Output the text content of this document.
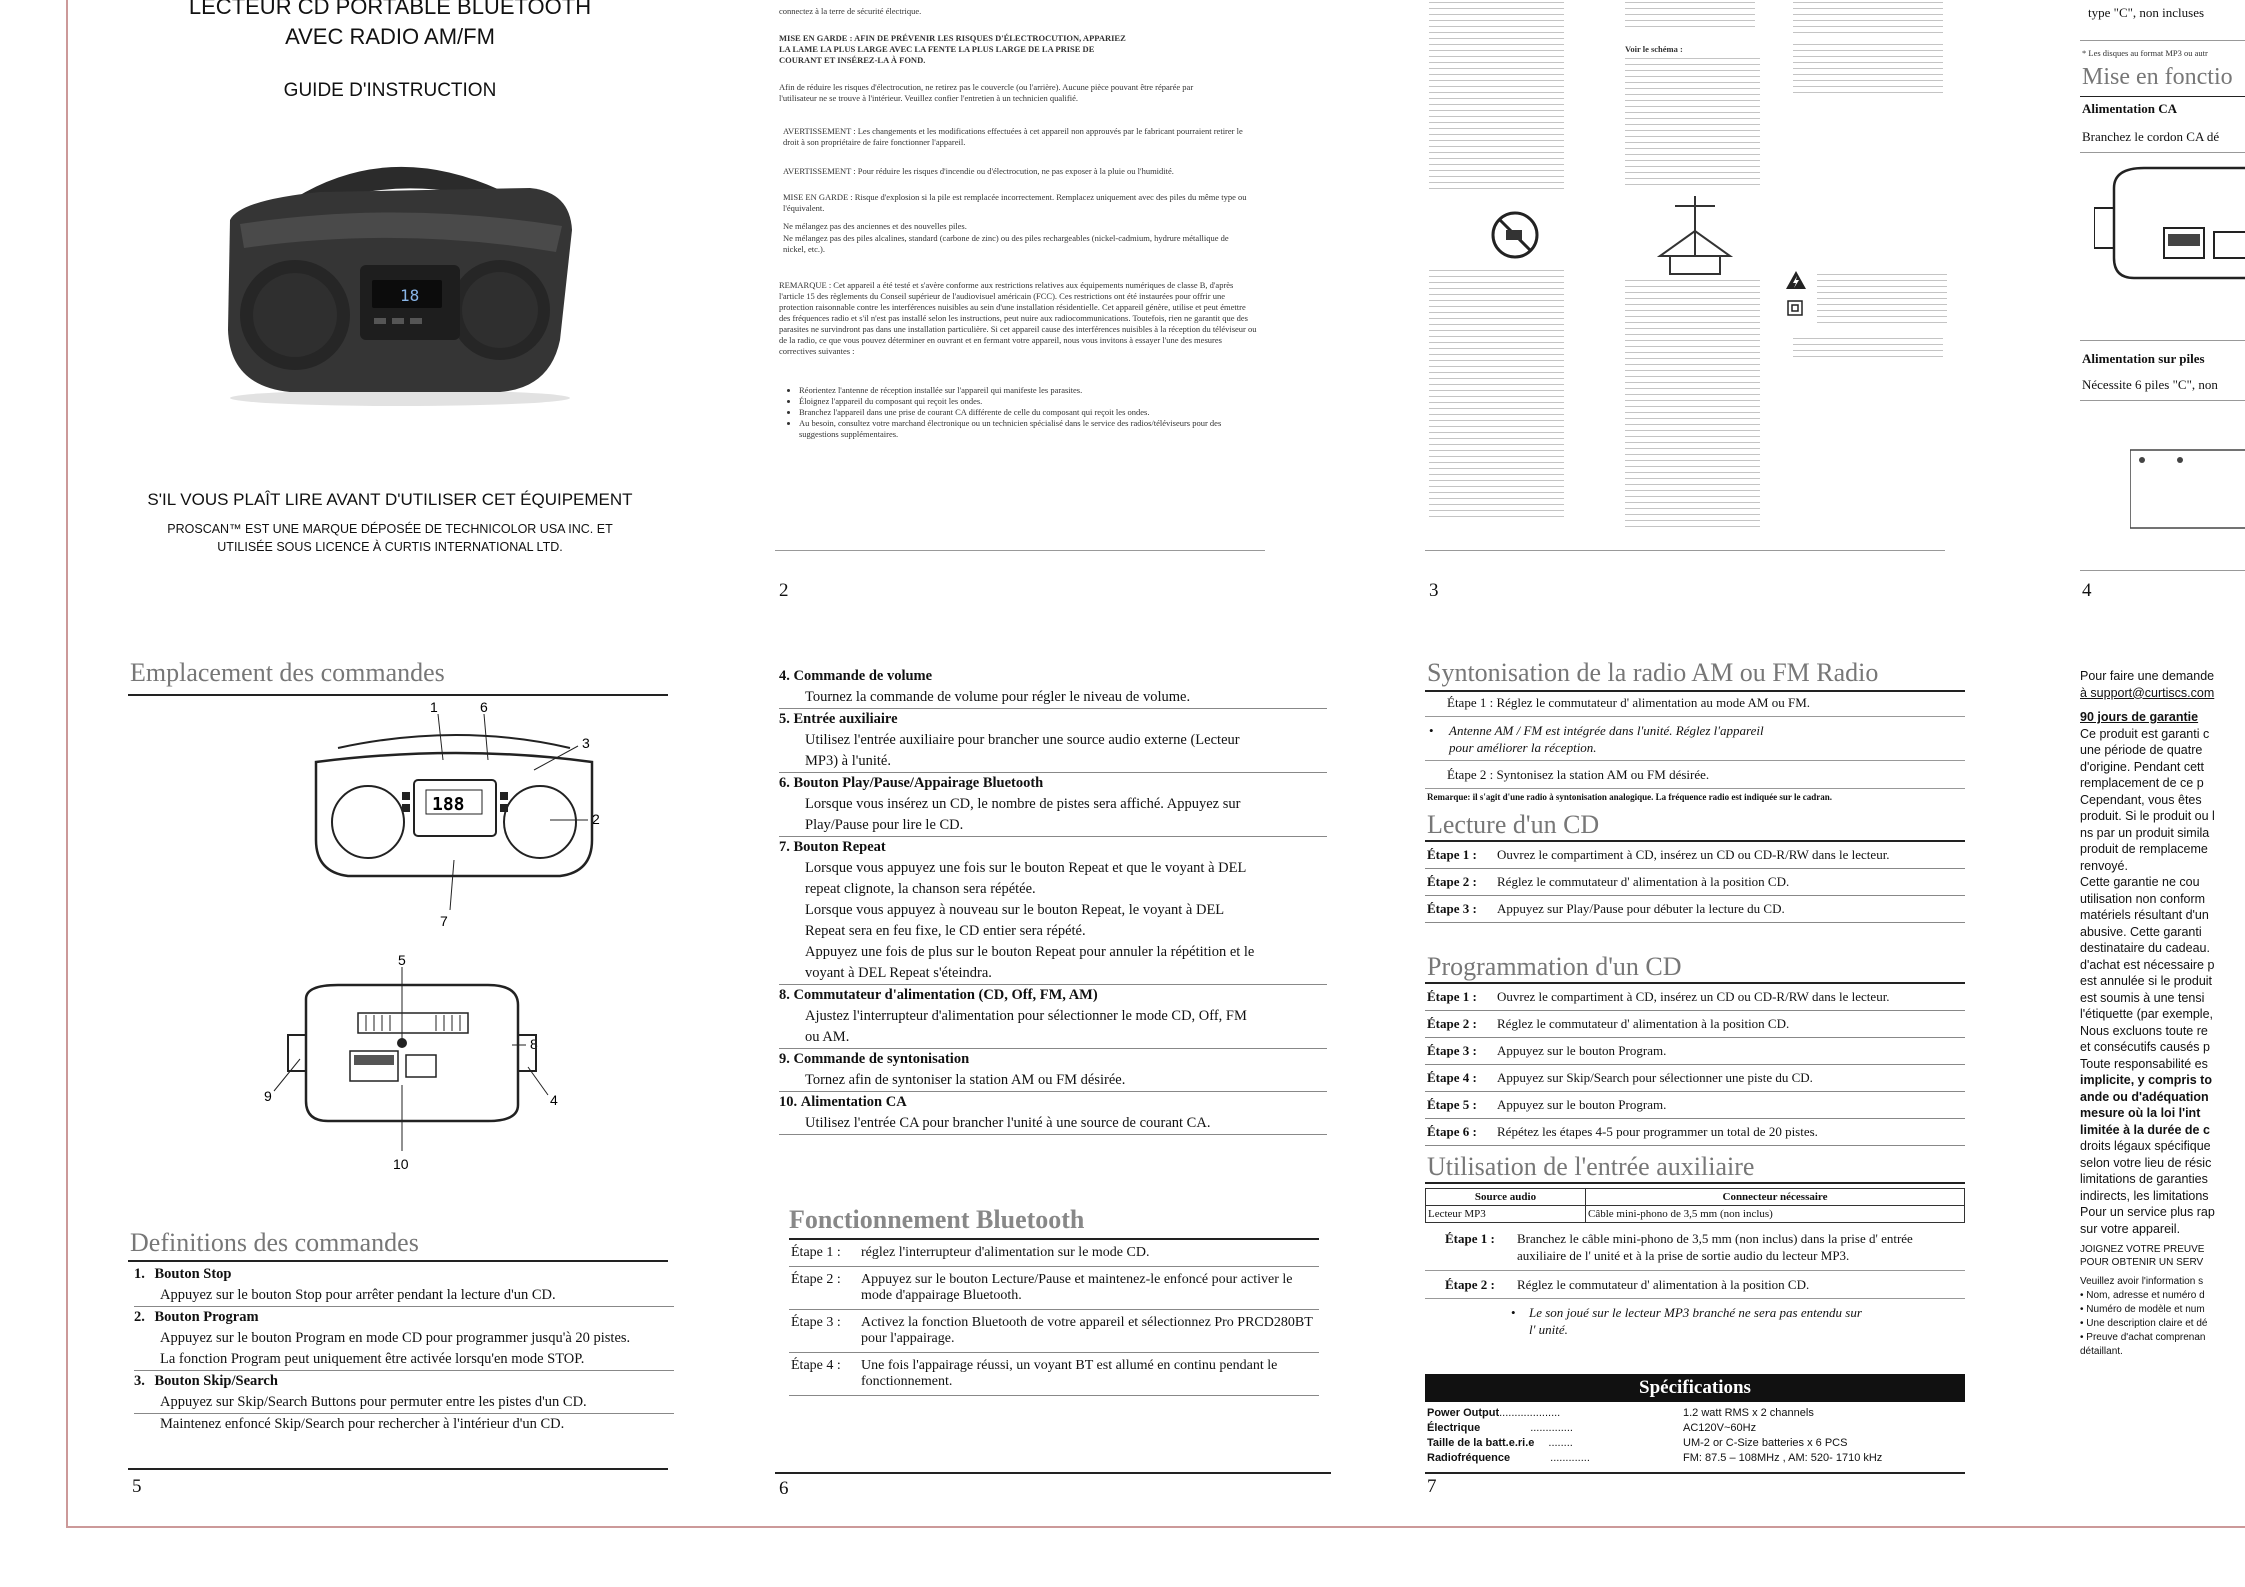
LECTEUR CD PORTABLE BLUETOOTH
AVEC RADIO AM/FM
GUIDE D'INSTRUCTION
18
S'IL VOUS PLAÎT LIRE AVANT D'UTILISER CET ÉQUIPEMENT
PROSCAN™ EST UNE MARQUE DÉPOSÉE DE TECHNICOLOR USA INC. ET
UTILISÉE SOUS LICENCE À CURTIS INTERNATIONAL LTD.
connectez à la terre de sécurité électrique.
MISE EN GARDE : AFIN DE PRÉVENIR LES RISQUES D'ÉLECTROCUTION, APPARIEZ LA LAME LA PLUS LARGE AVEC LA FENTE LA PLUS LARGE DE LA PRISE DE COURANT ET INSÉREZ-LA À FOND.
Afin de réduire les risques d'électrocution, ne retirez pas le couvercle (ou l'arrière). Aucune pièce pouvant être réparée par l'utilisateur ne se trouve à l'intérieur. Veuillez confier l'entretien à un technicien qualifié.
AVERTISSEMENT : Les changements et les modifications effectuées à cet appareil non approuvés par le fabricant pourraient retirer le droit à son propriétaire de faire fonctionner l'appareil.
AVERTISSEMENT : Pour réduire les risques d'incendie ou d'électrocution, ne pas exposer à la pluie ou l'humidité.
MISE EN GARDE : Risque d'explosion si la pile est remplacée incorrectement. Remplacez uniquement avec des piles du même type ou l'équivalent.
Ne mélangez pas des anciennes et des nouvelles piles.
Ne mélangez pas des piles alcalines, standard (carbone de zinc) ou des piles rechargeables (nickel-cadmium, hydrure métallique de nickel, etc.).
REMARQUE : Cet appareil a été testé et s'avère conforme aux restrictions relatives aux équipements numériques de classe B, d'après l'article 15 des règlements du Conseil supérieur de l'audiovisuel américain (FCC). Ces restrictions ont été instaurées pour offrir une protection raisonnable contre les interférences nuisibles au sein d'une installation résidentielle. Cet appareil génère, utilise et peut émettre des fréquences radio et s'il n'est pas installé selon les instructions, peut nuire aux radiocommunications. Toutefois, rien ne garantit que des parasites ne survindront pas dans une installation particulière. Si cet appareil cause des interférences nuisibles à la réception du téléviseur ou de la radio, ce que vous pouvez déterminer en ouvrant et en fermant votre appareil, nous vous invitons à essayer l'une des mesures correctives suivantes :
• Réorientez l'antenne de réception installée sur l'appareil qui manifeste les parasites.
• Éloignez l'appareil du composant qui reçoit les ondes.
• Branchez l'appareil dans une prise de courant CA différente de celle du composant qui reçoit les ondes.
• Au besoin, consultez votre marchand électronique ou un technicien spécialisé dans le service des radios/téléviseurs pour des suggestions supplémentaires.
2
Voir le schéma :
3
type "C", non incluses
* Les disques au format MP3 ou autr
Mise en fonctio
Alimentation CA
Branchez le cordon CA dé
Alimentation sur piles
Nécessite 6 piles "C", non
4
Emplacement des commandes
1	6
3
2
7
188
5
8
9	4
10
Definitions des commandes
1. Bouton Stop
Appuyez sur le bouton Stop pour arrêter pendant la lecture d'un CD.
2. Bouton Program
Appuyez sur le bouton Program en mode CD pour programmer jusqu'à 20 pistes.
La fonction Program peut uniquement être activée lorsqu'en mode STOP.
3. Bouton Skip/Search
Appuyez sur Skip/Search Buttons pour permuter entre les pistes d'un CD.
Maintenez enfoncé Skip/Search pour rechercher à l'intérieur d'un CD.
5
4. Commande de volume
Tournez la commande de volume pour régler le niveau de volume.
5. Entrée auxiliaire
Utilisez l'entrée auxiliaire pour brancher une source audio externe (Lecteur
MP3) à l'unité.
6. Bouton Play/Pause/Appairage Bluetooth
Lorsque vous insérez un CD, le nombre de pistes sera affiché. Appuyez sur
Play/Pause pour lire le CD.
7. Bouton Repeat
Lorsque vous appuyez une fois sur le bouton Repeat et que le voyant à DEL
repeat clignote, la chanson sera répétée.
Lorsque vous appuyez à nouveau sur le bouton Repeat, le voyant à DEL
Repeat sera en feu fixe, le CD entier sera répété.
Appuyez une fois de plus sur le bouton Repeat pour annuler la répétition et le
voyant à DEL Repeat s'éteindra.
8. Commutateur d'alimentation (CD, Off, FM, AM)
Ajustez l'interrupteur d'alimentation pour sélectionner le mode CD, Off, FM
ou AM.
9. Commande de syntonisation
Tornez afin de syntoniser la station AM ou FM désirée.
10. Alimentation CA
Utilisez l'entrée CA pour brancher l'unité à une source de courant CA.
Fonctionnement Bluetooth
Étape 1 :	réglez l'interrupteur d'alimentation sur le mode CD.
Étape 2 :	Appuyez sur le bouton Lecture/Pause et maintenez-le enfoncé pour activer le mode d'appairage Bluetooth.
Étape 3 :	Activez la fonction Bluetooth de votre appareil et sélectionnez Pro PRCD280BT pour l'appairage.
Étape 4 :	Une fois l'appairage réussi, un voyant BT est allumé en continu pendant le fonctionnement.
6
Syntonisation de la radio AM ou FM Radio
Étape 1 : Réglez le commutateur d' alimentation au mode AM ou FM.
• Antenne AM / FM est intégrée dans l'unité. Réglez l'appareil pour améliorer la réception.
Étape 2 : Syntonisez la station AM ou FM désirée.
Remarque: il s'agit d'une radio à syntonisation analogique. La fréquence radio est indiquée sur le cadran.
Lecture d'un CD
Étape 1 :	Ouvrez le compartiment à CD, insérez un CD ou CD-R/RW dans le lecteur.
Étape 2 :	Réglez le commutateur d' alimentation à la position CD.
Étape 3 :	Appuyez sur Play/Pause pour débuter la lecture du CD.
Programmation d'un CD
Étape 1 :	Ouvrez le compartiment à CD, insérez un CD ou CD-R/RW dans le lecteur.
Étape 2 :	Réglez le commutateur d' alimentation à la position CD.
Étape 3 :	Appuyez sur le bouton Program.
Étape 4 :	Appuyez sur Skip/Search pour sélectionner une piste du CD.
Étape 5 :	Appuyez sur le bouton Program.
Étape 6 :	Répétez les étapes 4-5 pour programmer un total de 20 pistes.
Utilisation de l'entrée auxiliaire
Source audio	Connecteur nécessaire
Lecteur MP3	Câble mini-phono de 3,5 mm (non inclus)
Étape 1 : Branchez le câble mini-phono de 3,5 mm (non inclus) dans la prise d' entrée auxiliaire de l' unité et à la prise de sortie audio du lecteur MP3.
Étape 2 : Réglez le commutateur d' alimentation à la position CD.
• Le son joué sur le lecteur MP3 branché ne sera pas entendu sur l' unité.
Spécifications
Power Output ....................	1.2 watt RMS x 2 channels
Électrique	..............	AC120V~60Hz
Taille de la batt.e.ri.e ........	UM-2 or C-Size batteries x 6 PCS
Radiofréquence	.............	FM: 87.5 – 108MHz , AM: 520- 1710 kHz
7
Pour faire une demande
à support@curtiscs.com
90 jours de garantie
Ce produit est garanti c
une période de quatre
d'origine. Pendant cett
remplacement de ce p
Cependant, vous êtes
produit. Si le produit ou l
ns par un produit simila
produit de remplaceme
renvoyé.
Cette garantie ne cou
utilisation non conform
matériels résultant d'un
abusive. Cette garanti
destinataire du cadeau.
d'achat est nécessaire p
est annulée si le produit
est soumis à une tensi
l'étiquette (par exemple,
Nous excluons toute re
et consécutifs causés p
Toute responsabilité es
implicite, y compris to
ande ou d'adéquation
mesure où la loi l'int
limitée à la durée de c
droits légaux spécifique
selon votre lieu de résic
limitations de garanties
indirects, les limitations
Pour un service plus rap
sur votre appareil.
JOIGNEZ VOTRE PREUVE
POUR OBTENIR UN SERV
Veuillez avoir l'information s
• Nom, adresse et numéro d
• Numéro de modèle et num
• Une description claire et dé
• Preuve d'achat comprenan
détaillant.
